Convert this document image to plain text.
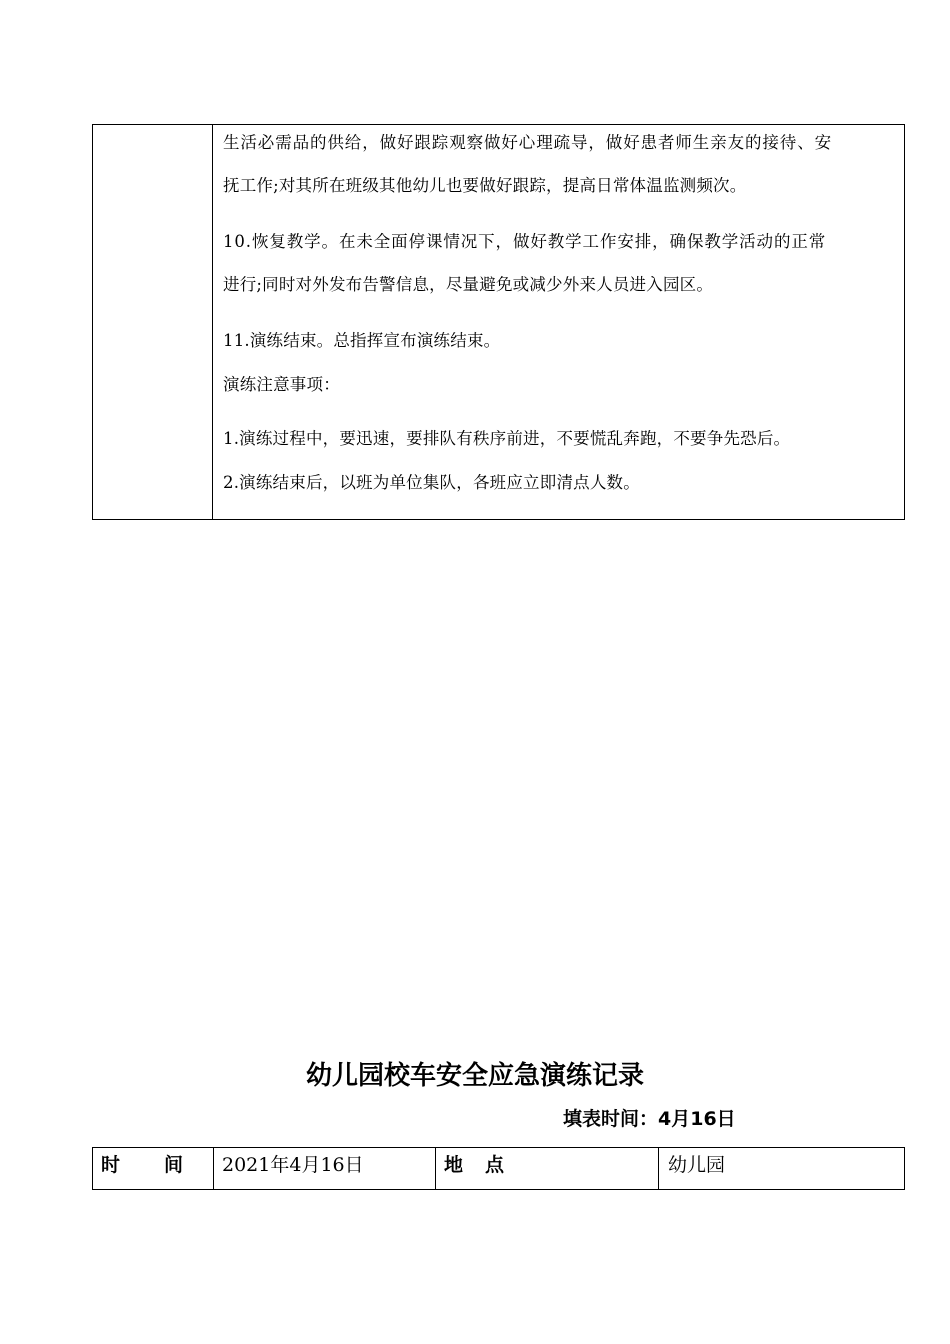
生活必需品的供给，做好跟踪观察做好心理疏导，做好患者师生亲友的接待、安
抚工作;对其所在班级其他幼儿也要做好跟踪，提高日常体温监测频次。
10.恢复教学。在未全面停课情况下，做好教学工作安排，确保教学活动的正常
进行;同时对外发布告警信息，尽量避免或减少外来人员进入园区。
11.演练结束。总指挥宣布演练结束。
演练注意事项：
1.演练过程中，要迅速，要排队有秩序前进，不要慌乱奔跑，不要争先恐后。
2.演练结束后，以班为单位集队，各班应立即清点人数。
幼儿园校车安全应急演练记录
填表时间：4月16日
时间
2021年4月16日	地点	幼儿园
